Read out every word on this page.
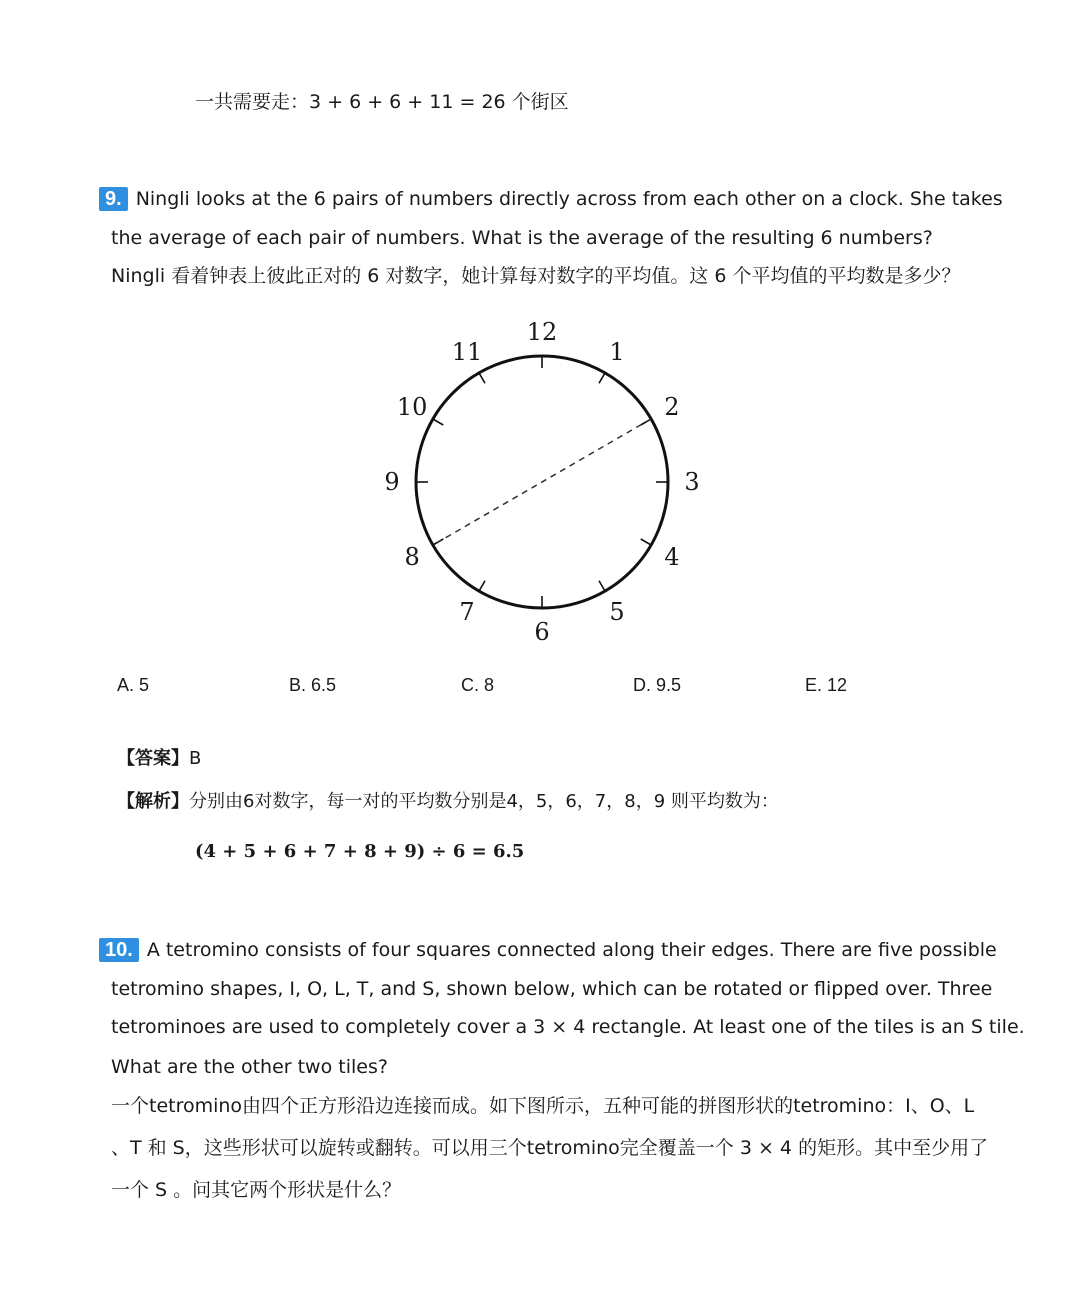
一共需要走：3 + 6 + 6 + 11 = 26 个街区
9. Ningli looks at the 6 pairs of numbers directly across from each other on a clock. She takes
the average of each pair of numbers. What is the average of the resulting 6 numbers?
Ningli 看着钟表上彼此正对的 6 对数字，她计算每对数字的平均值。这 6 个平均值的平均数是多少？
12
1
2
3
4
5
6
7
8
9
10
11
A. 5	B. 6.5	C. 8	D. 9.5	E. 12
【答案】B
【解析】分别由6对数字，每一对的平均数分别是4，5，6，7，8，9 则平均数为：
(4 + 5 + 6 + 7 + 8 + 9) ÷ 6 = 6.5
10. A tetromino consists of four squares connected along their edges. There are five possible
tetromino shapes, I, O, L, T, and S, shown below, which can be rotated or flipped over. Three
tetrominoes are used to completely cover a 3 × 4 rectangle. At least one of the tiles is an S tile.
What are the other two tiles?
一个tetromino由四个正方形沿边连接而成。如下图所示，五种可能的拼图形状的tetromino：I、O、L
、T 和 S，这些形状可以旋转或翻转。可以用三个tetromino完全覆盖一个 3 × 4 的矩形。其中至少用了
一个 S 。问其它两个形状是什么？
